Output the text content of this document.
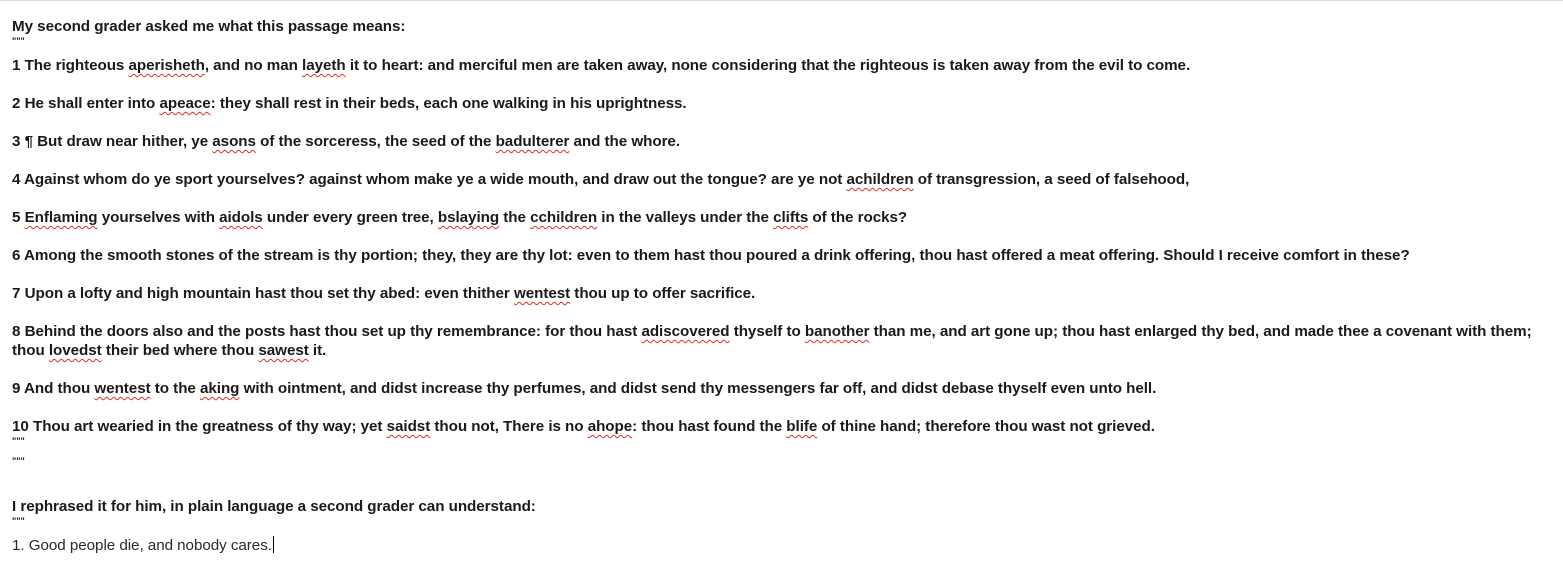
My second grader asked me what this passage means:
"""
1 The righteous aperisheth, and no man layeth it to heart: and merciful men are taken away, none considering that the righteous is taken away from the evil to come.
2 He shall enter into apeace: they shall rest in their beds, each one walking in his uprightness.
3 ¶ But draw near hither, ye asons of the sorceress, the seed of the badulterer and the whore.
4 Against whom do ye sport yourselves? against whom make ye a wide mouth, and draw out the tongue? are ye not achildren of transgression, a seed of falsehood,
5 Enflaming yourselves with aidols under every green tree, bslaying the cchildren in the valleys under the clifts of the rocks?
6 Among the smooth stones of the stream is thy portion; they, they are thy lot: even to them hast thou poured a drink offering, thou hast offered a meat offering. Should I receive comfort in these?
7 Upon a lofty and high mountain hast thou set thy abed: even thither wentest thou up to offer sacrifice.
8 Behind the doors also and the posts hast thou set up thy remembrance: for thou hast adiscovered thyself to banother than me, and art gone up; thou hast enlarged thy bed, and made thee a covenant with them; thou lovedst their bed where thou sawest it.
9 And thou wentest to the aking with ointment, and didst increase thy perfumes, and didst send thy messengers far off, and didst debase thyself even unto hell.
10 Thou art wearied in the greatness of thy way; yet saidst thou not, There is no ahope: thou hast found the blife of thine hand; therefore thou wast not grieved.
"""
"""
I rephrased it for him, in plain language a second grader can understand:
"""
1. Good people die, and nobody cares.
